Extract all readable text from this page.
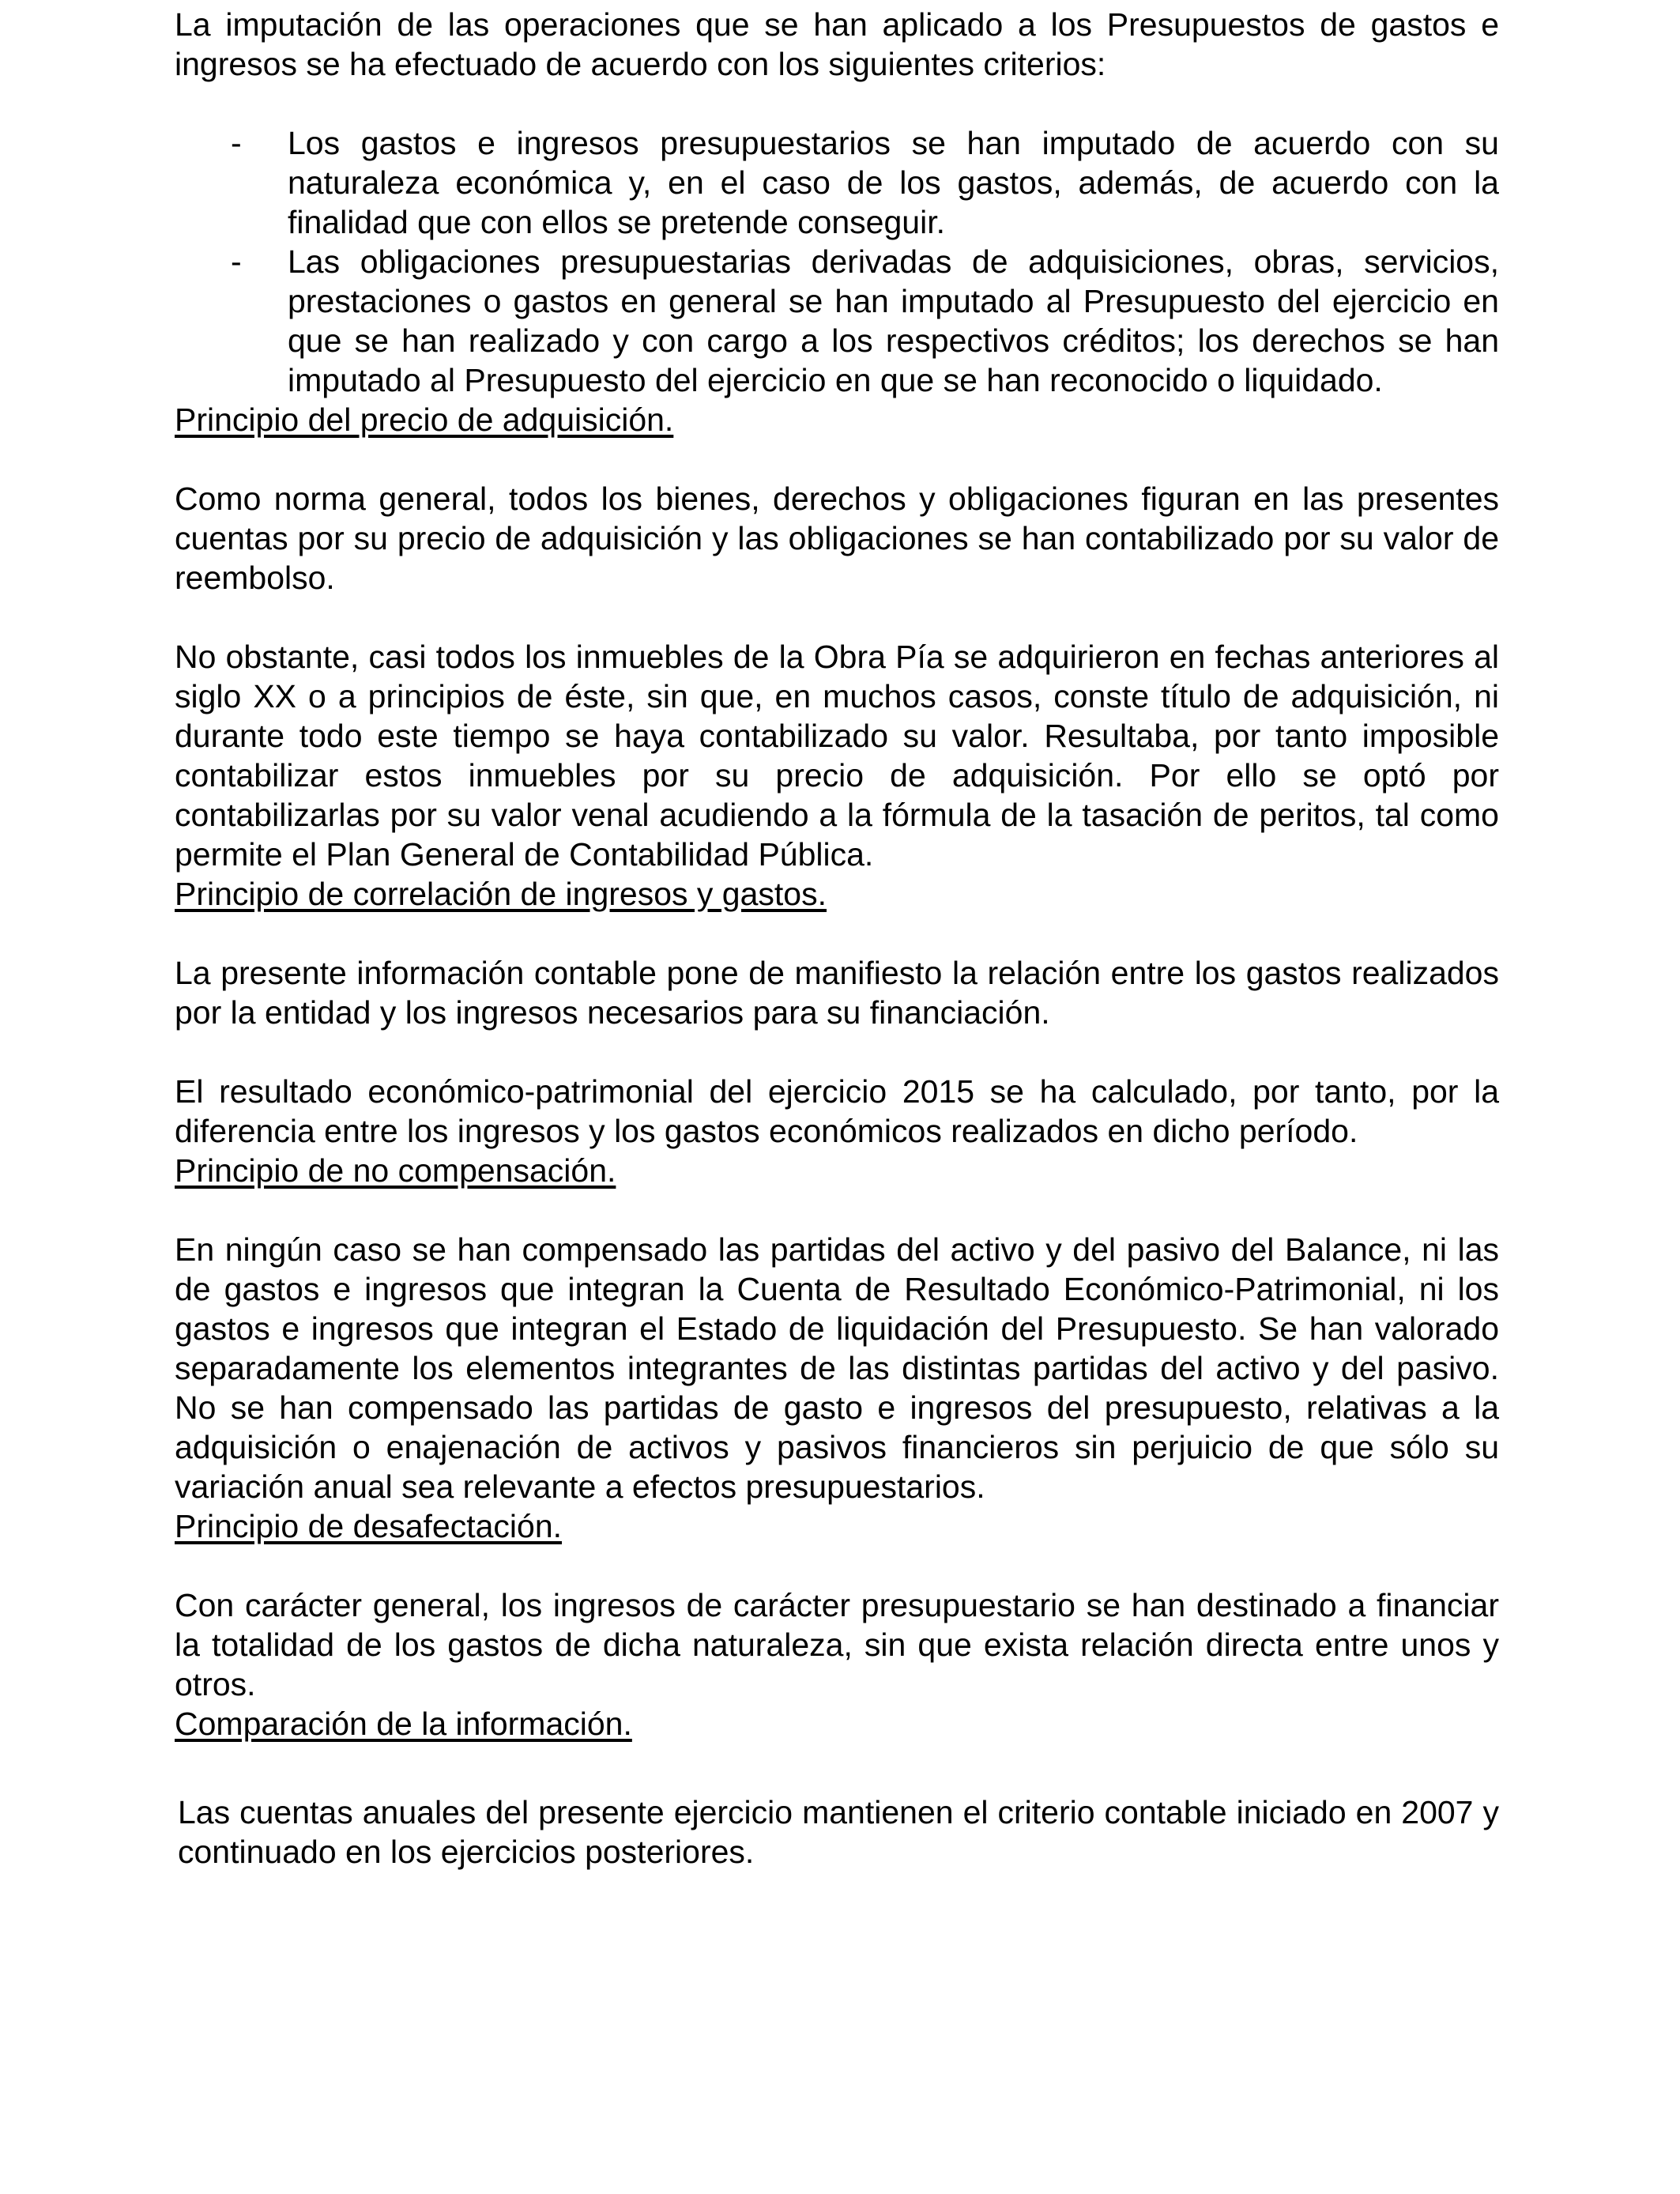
La imputación de las operaciones que se han aplicado a los Presupuestos de gastos e ingresos se ha efectuado de acuerdo con los siguientes criterios:

- Los gastos e ingresos presupuestarios se han imputado de acuerdo con su naturaleza económica y, en el caso de los gastos, además, de acuerdo con la finalidad que con ellos se pretende conseguir.
- Las obligaciones presupuestarias derivadas de adquisiciones, obras, servicios, prestaciones o gastos en general se han imputado al Presupuesto del ejercicio en que se han realizado y con cargo a los respectivos créditos; los derechos se han imputado al Presupuesto del ejercicio en que se han reconocido o liquidado.
Principio del precio de adquisición.

Como norma general, todos los bienes, derechos y obligaciones figuran en las presentes cuentas por su precio de adquisición y las obligaciones se han contabilizado por su valor de reembolso.

No obstante, casi todos los inmuebles de la Obra Pía se adquirieron en fechas anteriores al siglo XX o a principios de éste, sin que, en muchos casos, conste título de adquisición, ni durante todo este tiempo se haya contabilizado su valor. Resultaba, por tanto imposible contabilizar estos inmuebles por su precio de adquisición. Por ello se optó por contabilizarlas por su valor venal acudiendo a la fórmula de la tasación de peritos, tal como permite el Plan General de Contabilidad Pública.

Principio de correlación de ingresos y gastos.

La presente información contable pone de manifiesto la relación entre los gastos realizados por la entidad y los ingresos necesarios para su financiación.

El resultado económico-patrimonial del ejercicio 2015 se ha calculado, por tanto, por la diferencia entre los ingresos y los gastos económicos realizados en dicho período.

Principio de no compensación.

En ningún caso se han compensado las partidas del activo y del pasivo del Balance, ni las de gastos e ingresos que integran la Cuenta de Resultado Económico-Patrimonial, ni los gastos e ingresos que integran el Estado de liquidación del Presupuesto. Se han valorado separadamente los elementos integrantes de las distintas partidas del activo y del pasivo. No se han compensado las partidas de gasto e ingresos del presupuesto, relativas a la adquisición o enajenación de activos y pasivos financieros sin perjuicio de que sólo su variación anual sea relevante a efectos presupuestarios.

Principio de desafectación.

Con carácter general, los ingresos de carácter presupuestario se han destinado a financiar la totalidad de los gastos de dicha naturaleza, sin que exista relación directa entre unos y otros.

Comparación de la información.

Las cuentas anuales del presente ejercicio mantienen el criterio contable iniciado en 2007 y continuado en los ejercicios posteriores.
